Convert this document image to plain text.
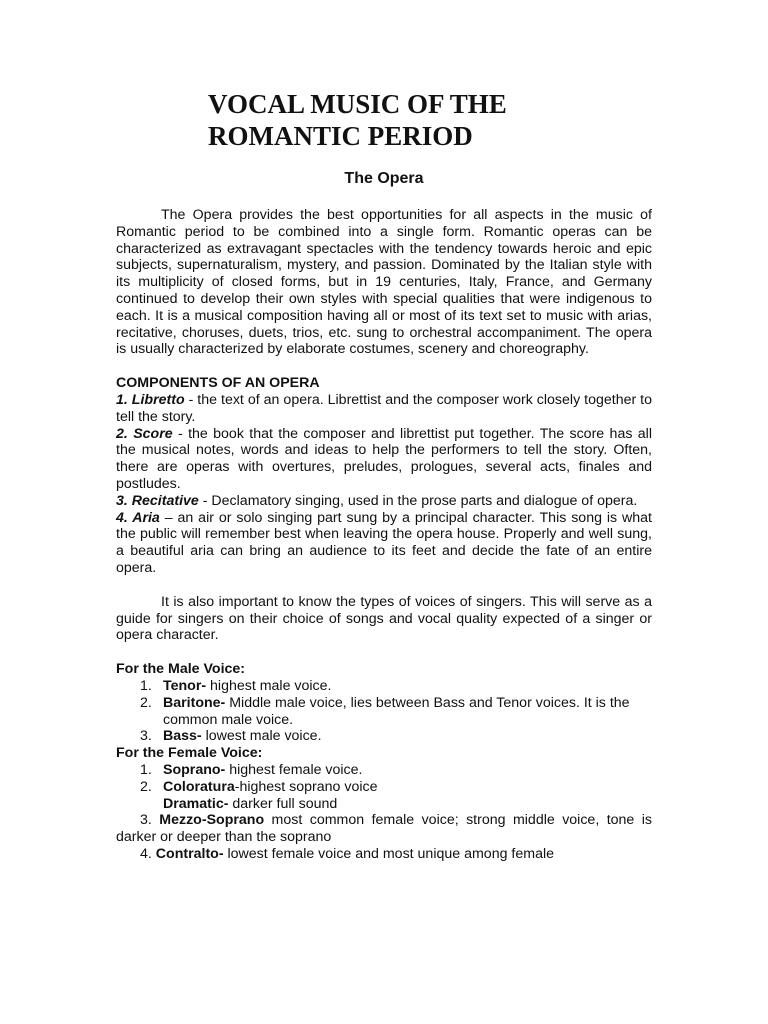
VOCAL MUSIC OF THE
ROMANTIC PERIOD
The Opera

The Opera provides the best opportunities for all aspects in the music of Romantic period to be combined into a single form. Romantic operas can be characterized as extravagant spectacles with the tendency towards heroic and epic subjects, supernaturalism, mystery, and passion. Dominated by the Italian style with its multiplicity of closed forms, but in 19 centuries, Italy, France, and Germany continued to develop their own styles with special qualities that were indigenous to each. It is a musical composition having all or most of its text set to music with arias, recitative, choruses, duets, trios, etc. sung to orchestral accompaniment. The opera is usually characterized by elaborate costumes, scenery and choreography.

COMPONENTS OF AN OPERA

1. Libretto - the text of an opera. Librettist and the composer work closely together to tell the story.

2. Score - the book that the composer and librettist put together. The score has all the musical notes, words and ideas to help the performers to tell the story. Often, there are operas with overtures, preludes, prologues, several acts, finales and postludes.

3. Recitative - Declamatory singing, used in the prose parts and dialogue of opera.

4. Aria – an air or solo singing part sung by a principal character. This song is what the public will remember best when leaving the opera house. Properly and well sung, a beautiful aria can bring an audience to its feet and decide the fate of an entire opera.

It is also important to know the types of voices of singers. This will serve as a guide for singers on their choice of songs and vocal quality expected of a singer or opera character.

For the Male Voice:
1. Tenor- highest male voice.
2. Baritone- Middle male voice, lies between Bass and Tenor voices. It is the common male voice.
3. Bass- lowest male voice.
For the Female Voice:
1. Soprano- highest female voice.
2. Coloratura-highest soprano voice
Dramatic- darker full sound

3. Mezzo-Soprano most common female voice; strong middle voice, tone is darker or deeper than the soprano

4. Contralto- lowest female voice and most unique among female
